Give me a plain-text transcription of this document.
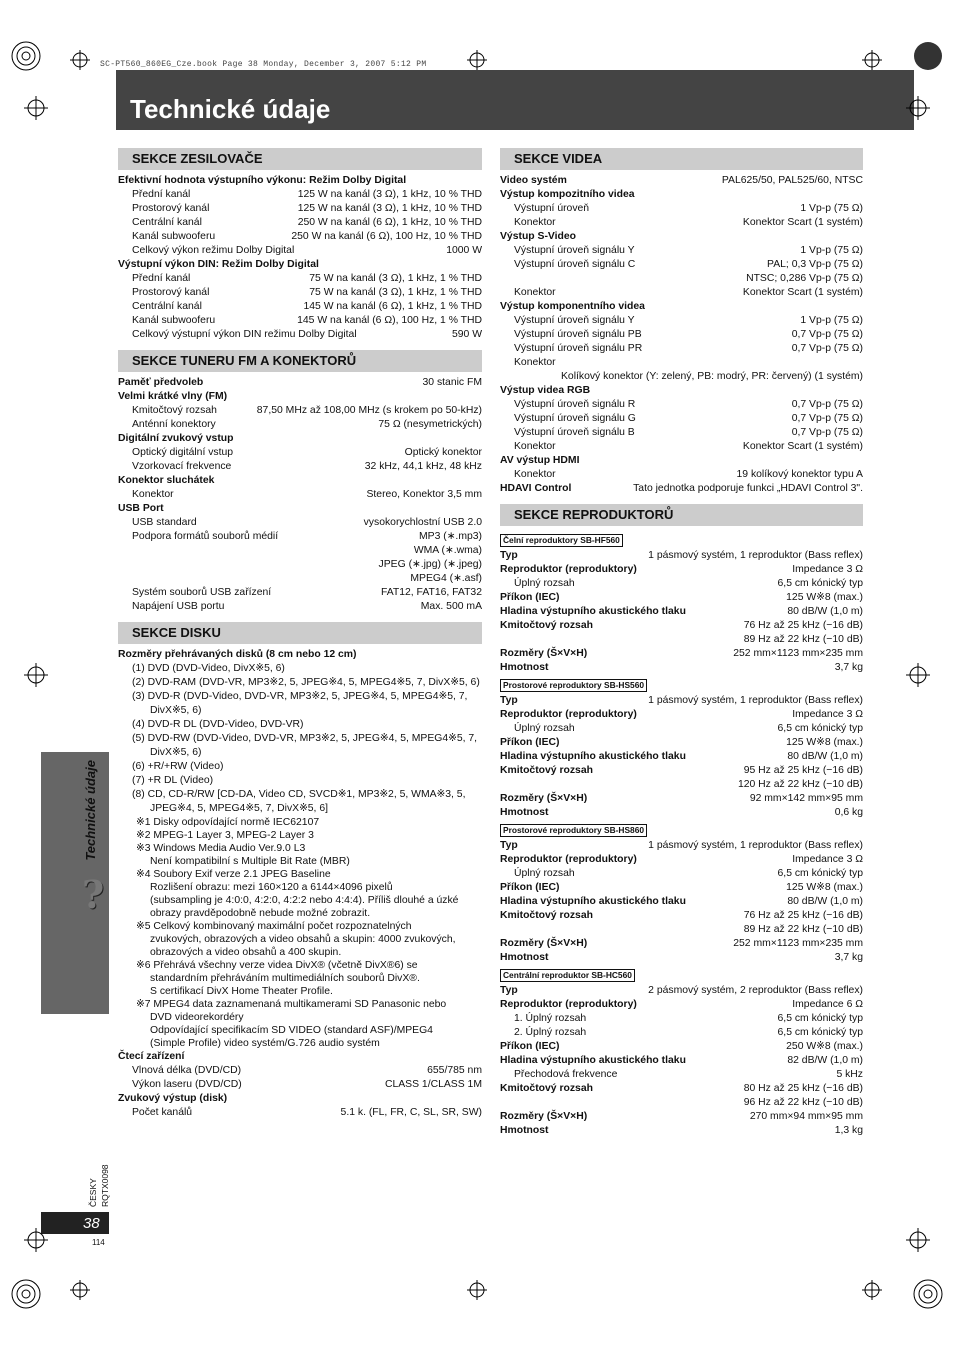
SC-PT560_860EG_Cze.book Page 38 Monday, December 3, 2007 5:12 PM
Technické údaje
Technické údaje
?
SEKCE ZESILOVAČE
Efektivní hodnota výstupního výkonu: Režim Dolby Digital
Přední kanál	125 W na kanál (3 Ω), 1 kHz, 10 % THD
Prostorový kanál	125 W na kanál (3 Ω), 1 kHz, 10 % THD
Centrální kanál	250 W na kanál (6 Ω), 1 kHz, 10 % THD
Kanál subwooferu	250 W na kanál (6 Ω), 100 Hz, 10 % THD
Celkový výkon režimu Dolby Digital	1000 W
Výstupní výkon DIN: Režim Dolby Digital
Přední kanál	75 W na kanál (3 Ω), 1 kHz, 1 % THD
Prostorový kanál	75 W na kanál (3 Ω), 1 kHz, 1 % THD
Centrální kanál	145 W na kanál (6 Ω), 1 kHz, 1 % THD
Kanál subwooferu	145 W na kanál (6 Ω), 100 Hz, 1 % THD
Celkový výstupní výkon DIN režimu Dolby Digital	590 W
SEKCE TUNERU FM A KONEKTORŮ
Paměť předvoleb	30 stanic FM
Velmi krátké vlny (FM)
Kmitočtový rozsah	87,50 MHz až 108,00 MHz (s krokem po 50-kHz)
Anténní konektory	75 Ω (nesymetrických)
Digitální zvukový vstup
Optický digitální vstup	Optický konektor
Vzorkovací frekvence	32 kHz, 44,1 kHz, 48 kHz
Konektor sluchátek
Konektor	Stereo, Konektor 3,5 mm
USB Port
USB standard	vysokorychlostní USB 2.0
Podpora formátů souborů médií	MP3 (∗.mp3)
WMA (∗.wma)
JPEG (∗.jpg) (∗.jpeg)
MPEG4 (∗.asf)
Systém souborů USB zařízení	FAT12, FAT16, FAT32
Napájení USB portu	Max. 500 mA
SEKCE DISKU
Rozměry přehrávaných disků (8 cm nebo 12 cm)
(1) DVD (DVD-Video, DivX※5, 6)
(2) DVD-RAM (DVD-VR, MP3※2, 5, JPEG※4, 5, MPEG4※5, 7, DivX※5, 6)
(3) DVD-R (DVD-Video, DVD-VR, MP3※2, 5, JPEG※4, 5, MPEG4※5, 7,
DivX※5, 6)
(4) DVD-R DL (DVD-Video, DVD-VR)
(5) DVD-RW (DVD-Video, DVD-VR, MP3※2, 5, JPEG※4, 5, MPEG4※5, 7,
DivX※5, 6)
(6) +R/+RW (Video)
(7) +R DL (Video)
(8) CD, CD-R/RW [CD-DA, Video CD, SVCD※1, MP3※2, 5, WMA※3, 5,
JPEG※4, 5, MPEG4※5, 7, DivX※5, 6]
※1 Disky odpovídající normě IEC62107
※2 MPEG-1 Layer 3, MPEG-2 Layer 3
※3 Windows Media Audio Ver.9.0 L3
Není kompatibilní s Multiple Bit Rate (MBR)
※4 Soubory Exif verze 2.1 JPEG Baseline
Rozlišení obrazu: mezi 160×120 a 6144×4096 pixelů
(subsampling je 4:0:0, 4:2:0, 4:2:2 nebo 4:4:4). Příliš dlouhé a úzké
obrazy pravděpodobně nebude možné zobrazit.
※5 Celkový kombinovaný maximální počet rozpoznatelných
zvukových, obrazových a video obsahů a skupin: 4000 zvukových,
obrazových a video obsahů a 400 skupin.
※6 Přehrává všechny verze videa DivX® (včetně DivX®6) se
standardním přehráváním multimediálních souborů DivX®.
S certifikací DivX Home Theater Profile.
※7 MPEG4 data zaznamenaná multikamerami SD Panasonic nebo
DVD videorekordéry
Odpovídající specifikacím SD VIDEO (standard ASF)/MPEG4
(Simple Profile) video systém/G.726 audio systém
Čtecí zařízení
Vlnová délka (DVD/CD)	655/785 nm
Výkon laseru (DVD/CD)	CLASS 1/CLASS 1M
Zvukový výstup (disk)
Počet kanálů	5.1 k. (FL, FR, C, SL, SR, SW)
SEKCE VIDEA
Video systém	PAL625/50, PAL525/60, NTSC
Výstup kompozitního videa
Výstupní úroveň	1 Vp-p (75 Ω)
Konektor	Konektor Scart (1 systém)
Výstup S-Video
Výstupní úroveň signálu Y	1 Vp-p (75 Ω)
Výstupní úroveň signálu C	PAL; 0,3 Vp-p (75 Ω)
NTSC; 0,286 Vp-p (75 Ω)
Konektor	Konektor Scart (1 systém)
Výstup komponentního videa
Výstupní úroveň signálu Y	1 Vp-p (75 Ω)
Výstupní úroveň signálu PB	0,7 Vp-p (75 Ω)
Výstupní úroveň signálu PR	0,7 Vp-p (75 Ω)
Konektor
Kolíkový konektor (Y: zelený, PB: modrý, PR: červený) (1 systém)
Výstup videa RGB
Výstupní úroveň signálu R	0,7 Vp-p (75 Ω)
Výstupní úroveň signálu G	0,7 Vp-p (75 Ω)
Výstupní úroveň signálu B	0,7 Vp-p (75 Ω)
Konektor	Konektor Scart (1 systém)
AV výstup HDMI
Konektor	19 kolíkový konektor typu A
HDAVI Control	Tato jednotka podporuje funkci „HDAVI Control 3".
SEKCE REPRODUKTORŮ
Čelní reproduktory SB-HF560
Typ	1 pásmový systém, 1 reproduktor (Bass reflex)
Reproduktor (reproduktory)	Impedance 3 Ω
Úplný rozsah	6,5 cm kónický typ
Příkon (IEC)	125 W※8 (max.)
Hladina výstupního akustického tlaku	80 dB/W (1,0 m)
Kmitočtový rozsah	76 Hz až 25 kHz (−16 dB)
89 Hz až 22 kHz (−10 dB)
Rozměry (Š×V×H)	252 mm×1123 mm×235 mm
Hmotnost	3,7 kg
Prostorové reproduktory SB-HS560
Typ	1 pásmový systém, 1 reproduktor (Bass reflex)
Reproduktor (reproduktory)	Impedance 3 Ω
Úplný rozsah	6,5 cm kónický typ
Příkon (IEC)	125 W※8 (max.)
Hladina výstupního akustického tlaku	80 dB/W (1,0 m)
Kmitočtový rozsah	95 Hz až 25 kHz (−16 dB)
120 Hz až 22 kHz (−10 dB)
Rozměry (Š×V×H)	92 mm×142 mm×95 mm
Hmotnost	0,6 kg
Prostorové reproduktory SB-HS860
Typ	1 pásmový systém, 1 reproduktor (Bass reflex)
Reproduktor (reproduktory)	Impedance 3 Ω
Úplný rozsah	6,5 cm kónický typ
Příkon (IEC)	125 W※8 (max.)
Hladina výstupního akustického tlaku	80 dB/W (1,0 m)
Kmitočtový rozsah	76 Hz až 25 kHz (−16 dB)
89 Hz až 22 kHz (−10 dB)
Rozměry (Š×V×H)	252 mm×1123 mm×235 mm
Hmotnost	3,7 kg
Centrální reproduktor SB-HC560
Typ	2 pásmový systém, 2 reproduktor (Bass reflex)
Reproduktor (reproduktory)	Impedance 6 Ω
1. Úplný rozsah	6,5 cm kónický typ
2. Úplný rozsah	6,5 cm kónický typ
Příkon (IEC)	250 W※8 (max.)
Hladina výstupního akustického tlaku	82 dB/W (1,0 m)
Přechodová frekvence	5 kHz
Kmitočtový rozsah	80 Hz až 25 kHz (−16 dB)
96 Hz až 22 kHz (−10 dB)
Rozměry (Š×V×H)	270 mm×94 mm×95 mm
Hmotnost	1,3 kg
ČESKY RQTX0098
38
114
